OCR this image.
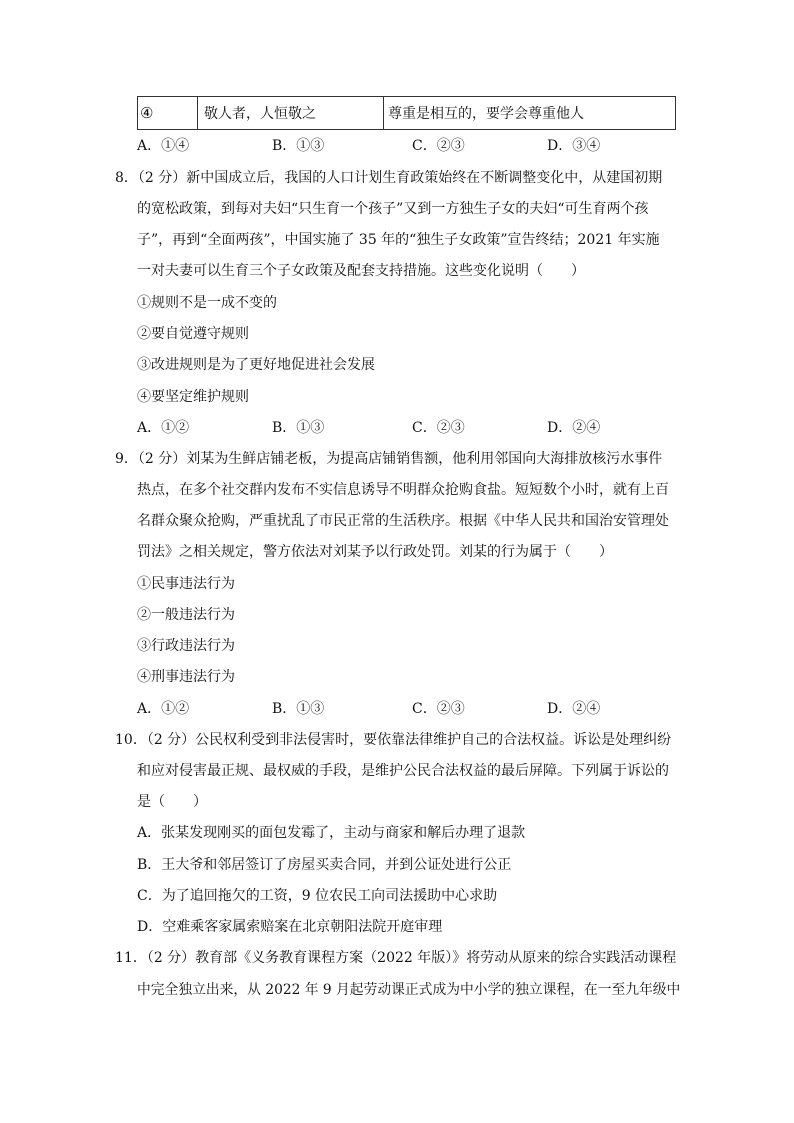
④	敬人者，人恒敬之	尊重是相互的，要学会尊重他人
A．①④	B．①③	C．②③	D．③④
8．（2 分）新中国成立后，我国的人口计划生育政策始终在不断调整变化中，从建国初期
的宽松政策，到每对夫妇“只生育一个孩子”又到一方独生子女的夫妇“可生育两个孩
子”，再到“全面两孩”，中国实施了 35 年的“独生子女政策”宣告终结；2021 年实施
一对夫妻可以生育三个子女政策及配套支持措施。这些变化说明（　　）
①规则不是一成不变的
②要自觉遵守规则
③改进规则是为了更好地促进社会发展
④要坚定维护规则
A．①②	B．①③	C．②③	D．②④
9．（2 分）刘某为生鲜店铺老板，为提高店铺销售额，他利用邻国向大海排放核污水事件
热点，在多个社交群内发布不实信息诱导不明群众抢购食盐。短短数个小时，就有上百
名群众聚众抢购，严重扰乱了市民正常的生活秩序。根据《中华人民共和国治安管理处
罚法》之相关规定，警方依法对刘某予以行政处罚。刘某的行为属于（　　）
①民事违法行为
②一般违法行为
③行政违法行为
④刑事违法行为
A．①②	B．①③	C．②③	D．②④
10．（2 分）公民权利受到非法侵害时，要依靠法律维护自己的合法权益。诉讼是处理纠纷
和应对侵害最正规、最权威的手段，是维护公民合法权益的最后屏障。下列属于诉讼的
是（　　）
A．张某发现刚买的面包发霉了，主动与商家和解后办理了退款
B．王大爷和邻居签订了房屋买卖合同，并到公证处进行公正
C．为了追回拖欠的工资，9 位农民工向司法援助中心求助
D．空难乘客家属索赔案在北京朝阳法院开庭审理
11．（2 分）教育部《义务教育课程方案（2022 年版）》将劳动从原来的综合实践活动课程
中完全独立出来，从 2022 年 9 月起劳动课正式成为中小学的独立课程，在一至九年级中
